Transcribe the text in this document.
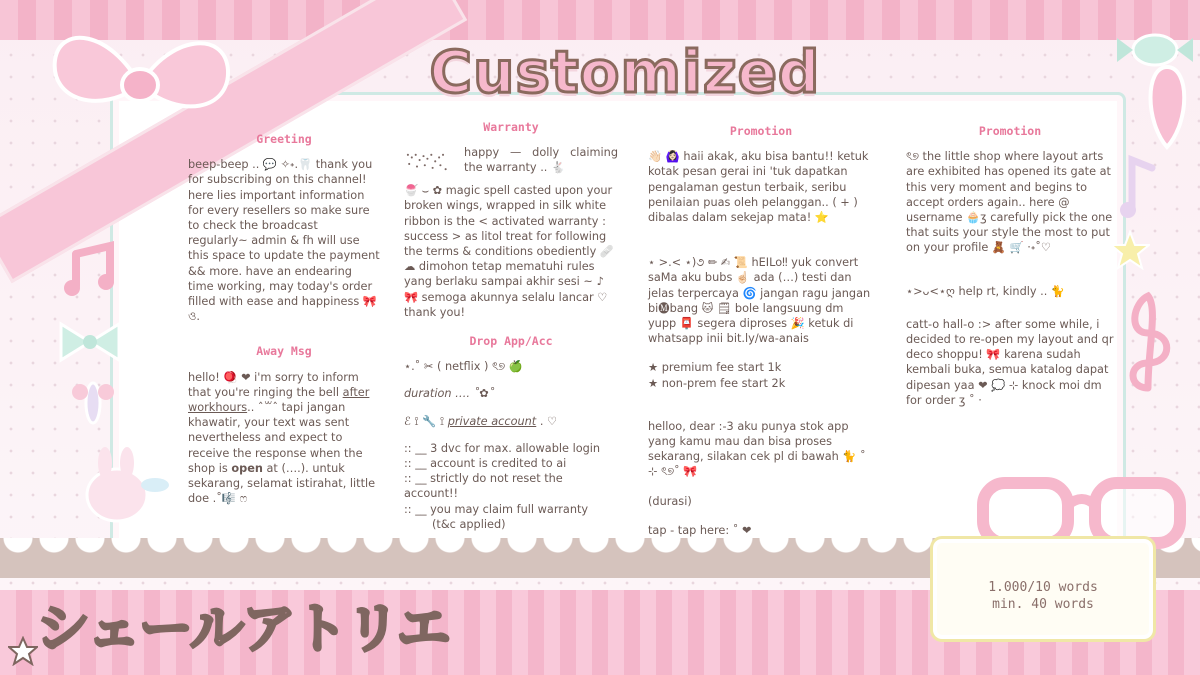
Customized
Greeting

beep-beep .. 💬 ✧˖.🦷 thank you for subscribing on this channel! here lies important information for every resellers so make sure to check the broadcast regularly~ admin & fh will use this space to update the payment && more. have an endearing time working, may today's order filled with ease and happiness 🎀 ও.

Away Msg

hello! 🪀 ❤ i'm sorry to inform that you're ringing the bell after workhours.. ˆ꒳ˆ tapi jangan khawatir, your text was sent nevertheless and expect to receive the response when the shop is open at (….). untuk sekarang, selamat istirahat, little doe .˚🎼 ෆ

Warranty

happy — dolly claiming the warranty .. 🐇

🍧 ⌣ ✿ magic spell casted upon your broken wings, wrapped in silk white ribbon is the < activated warranty : success > as litol treat for following the terms & conditions obediently 🩹 ☁ dimohon tetap mematuhi rules yang berlaku sampai akhir sesi ~ ♪ 🎀 semoga akunnya selalu lancar ♡ thank you!

Drop App/Acc

⋆.˚ ✂ ( netflix ) ৎ୭ 🍏

duration …. ˚✿˚

ℰ ⟟ 🔧 ⟟ private account . ♡

:: __ 3 dvc for max. allowable login

:: __ account is credited to ai

:: __ strictly do not reset the account!!

:: __ you may claim full warranty

(t&c applied)

Promotion

👋🏻 🙆🏻‍♀️ haii akak, aku bisa bantu!! ketuk kotak pesan gerai ini 'tuk dapatkan pengalaman gestun terbaik, seribu penilaian puas oleh pelanggan.. ( + ) dibalas dalam sekejap mata! ⭐

⋆ >.< ⋆)૭ ✏ ✍ 📜 hEILo‼ yuk convert saMa aku bubs ☝🏻 ada (…) testi dan jelas terpercaya 🌀 jangan ragu jangan bi🅜bang 🐱 🗒 bole langsuung dm yupp 📮 segera diproses 🎉 ketuk di whatsapp inii bit.ly/wa-anais

★ premium fee start 1k

★ non-prem fee start 2k

helloo, dear :-3 aku punya stok app yang kamu mau dan bisa proses sekarang, silakan cek pl di bawah 🐈 ˚ ⊹ ৎ୭˚ 🎀

(durasi)

tap - tap here: ˚ ❤

Promotion

ৎ୭ the little shop where layout arts are exhibited has opened its gate at this very moment and begins to accept orders again.. here @ username 🧁ʒ carefully pick the one that suits your style the most to put on your profile 🧸 🛒 ·˖˚♡

⋆>ᴗ<⋆ღ help rt, kindly .. 🐈

catt-o hall-o :> after some while, i decided to re-open my layout and qr deco shoppu! 🎀 karena sudah kembali buka, semua katalog dapat dipesan yaa ❤ 💭 ⊹ knock moi dm for order ʒ ˚ ·

シェールアトリエ
1.000/10 words
min. 40 words
